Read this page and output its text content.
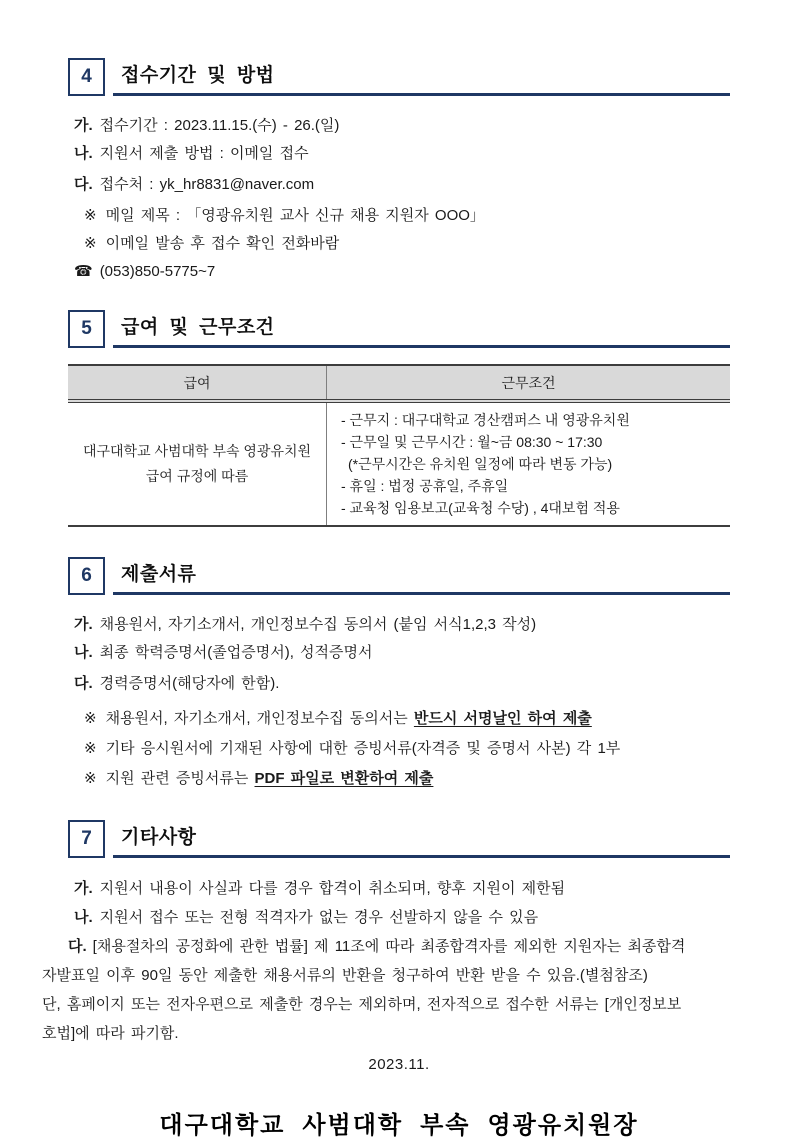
4 접수기간 및 방법
가. 접수기간 : 2023.11.15.(수) - 26.(일)
나. 지원서 제출 방법 : 이메일 접수
다. 접수처 : yk_hr8831@naver.com
※ 메일 제목 : 「영광유치원 교사 신규 채용 지원자 OOO」
※ 이메일 발송 후 접수 확인 전화바람
☎ (053)850-5775~7
5 급여 및 근무조건
급여	근무조건
대구대학교 사범대학 부속 영광유치원
급여 규정에 따름
- 근무지 : 대구대학교 경산캠퍼스 내 영광유치원
- 근무일 및 근무시간 : 월~금 08:30 ~ 17:30
(*근무시간은 유치원 일정에 따라 변동 가능)
- 휴일 : 법정 공휴일, 주휴일
- 교육청 임용보고(교육청 수당) , 4대보험 적용
6 제출서류
가. 채용원서, 자기소개서, 개인정보수집 동의서 (붙임 서식1,2,3 작성)
나. 최종 학력증명서(졸업증명서), 성적증명서
다. 경력증명서(해당자에 한함).
※ 채용원서, 자기소개서, 개인정보수집 동의서는 반드시 서명날인 하여 제출
※ 기타 응시원서에 기재된 사항에 대한 증빙서류(자격증 및 증명서 사본) 각 1부
※ 지원 관련 증빙서류는 PDF 파일로 변환하여 제출
7 기타사항
가. 지원서 내용이 사실과 다를 경우 합격이 취소되며, 향후 지원이 제한됨
나. 지원서 접수 또는 전형 적격자가 없는 경우 선발하지 않을 수 있음
다. [채용절차의 공정화에 관한 법률] 제 11조에 따라 최종합격자를 제외한 지원자는 최종합격
자발표일 이후 90일 동안 제출한 채용서류의 반환을 청구하여 반환 받을 수 있음.(별첨참조)
단, 홈페이지 또는 전자우편으로 제출한 경우는 제외하며, 전자적으로 접수한 서류는 [개인정보보
호법]에 따라 파기함.
2023.11.
대구대학교 사범대학 부속 영광유치원장
